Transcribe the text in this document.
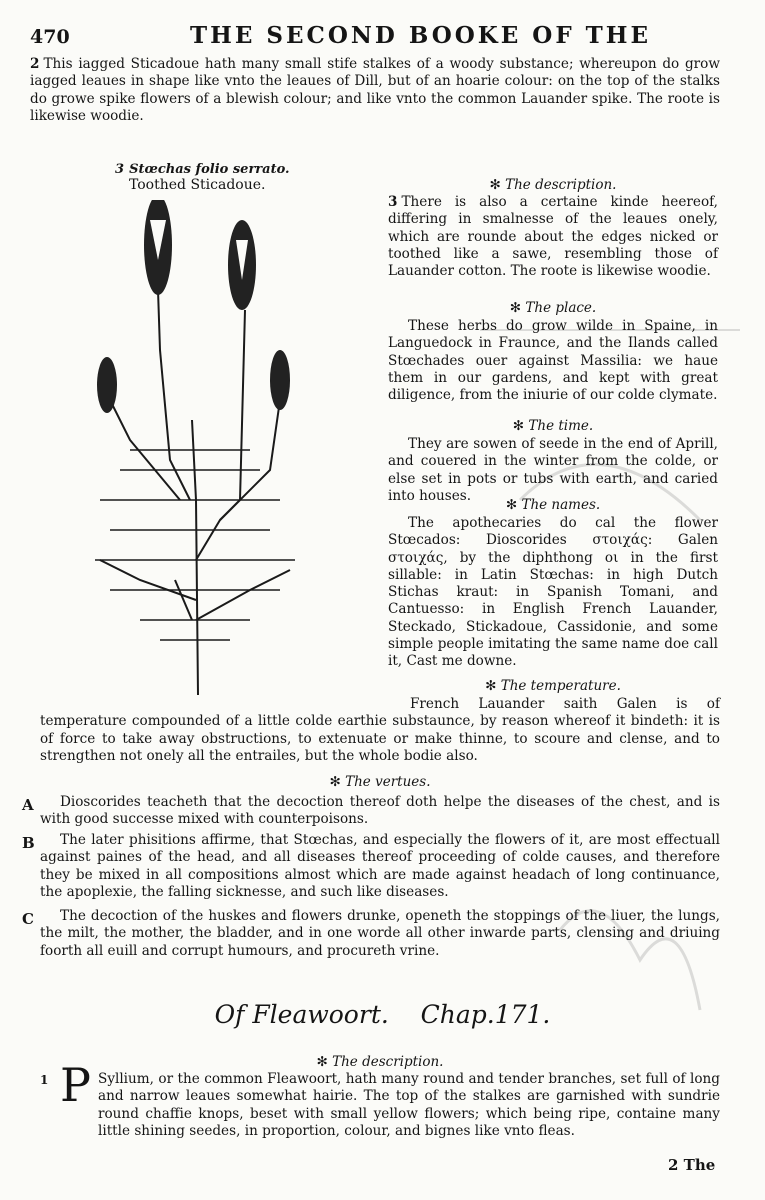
470	THE SECOND BOOKE OF THE
2 This iagged Sticadoue hath many small stife stalkes of a woody substance; whereupon do grow iagged leaues in shape like vnto the leaues of Dill, but of an hoarie colour: on the top of the stalks do growe spike flowers of a blewish colour; and like vnto the common Lauander spike. The roote is likewise woodie.
3 Stœchas folio serrato.
Toothed Sticadoue.	✻ The description.
3 There is also a certaine kinde heereof, differing in smalnesse of the leaues onely, which are rounde about the edges nicked or toothed like a sawe, resembling those of Lauander cotton. The roote is likewise woodie.
✻ The place.
These herbs do grow wilde in Spaine, in Languedock in Fraunce, and the Ilands called Stœchades ouer against Massilia: we haue them in our gardens, and kept with great diligence, from the iniurie of our colde clymate.
✻ The time.
They are sowen of seede in the end of Aprill, and couered in the winter from the colde, or else set in pots or tubs with earth, and caried into houses.
✻ The names.
The apothecaries do cal the flower Stœcados: Dioscorides στοιχάς: Galen στοιχάς, by the diphthong οι in the first sillable: in Latin Stœchas: in high Dutch Stichas kraut: in Spanish Tomani, and Cantuesso: in English French Lauander, Steckado, Stickadoue, Cassidonie, and some simple people imitating the same name doe call it, Cast me downe.
✻ The temperature.
French Lauander saith Galen is of temperature compounded of a little colde earthie substaunce, by reason whereof it bindeth: it is of force to take away obstructions, to extenuate or make thinne, to scoure and clense, and to strengthen not onely all the entrailes, but the whole bodie also.
✻ The vertues.
A	Dioscorides teacheth that the decoction thereof doth helpe the diseases of the chest, and is with good successe mixed with counterpoisons.
B	The later phisitions affirme, that Stœchas, and especially the flowers of it, are most effectuall against paines of the head, and all diseases thereof proceeding of colde causes, and therefore they be mixed in all compositions almost which are made against headach of long continuance, the apoplexie, the falling sicknesse, and such like diseases.
C	The decoction of the huskes and flowers drunke, openeth the stoppings of the liuer, the lungs, the milt, the mother, the bladder, and in one worde all other inwarde parts, clensing and driuing foorth all euill and corrupt humours, and procureth vrine.
Of Fleawoort. Chap.171.
✻ The description.
1 P Syllium, or the common Fleawoort, hath many round and tender branches, set full of long and narrow leaues somewhat hairie. The top of the stalkes are garnished with sundrie round chaffie knops, beset with small yellow flowers; which being ripe, containe many little shining seedes, in proportion, colour, and bignes like vnto fleas.
2 The
